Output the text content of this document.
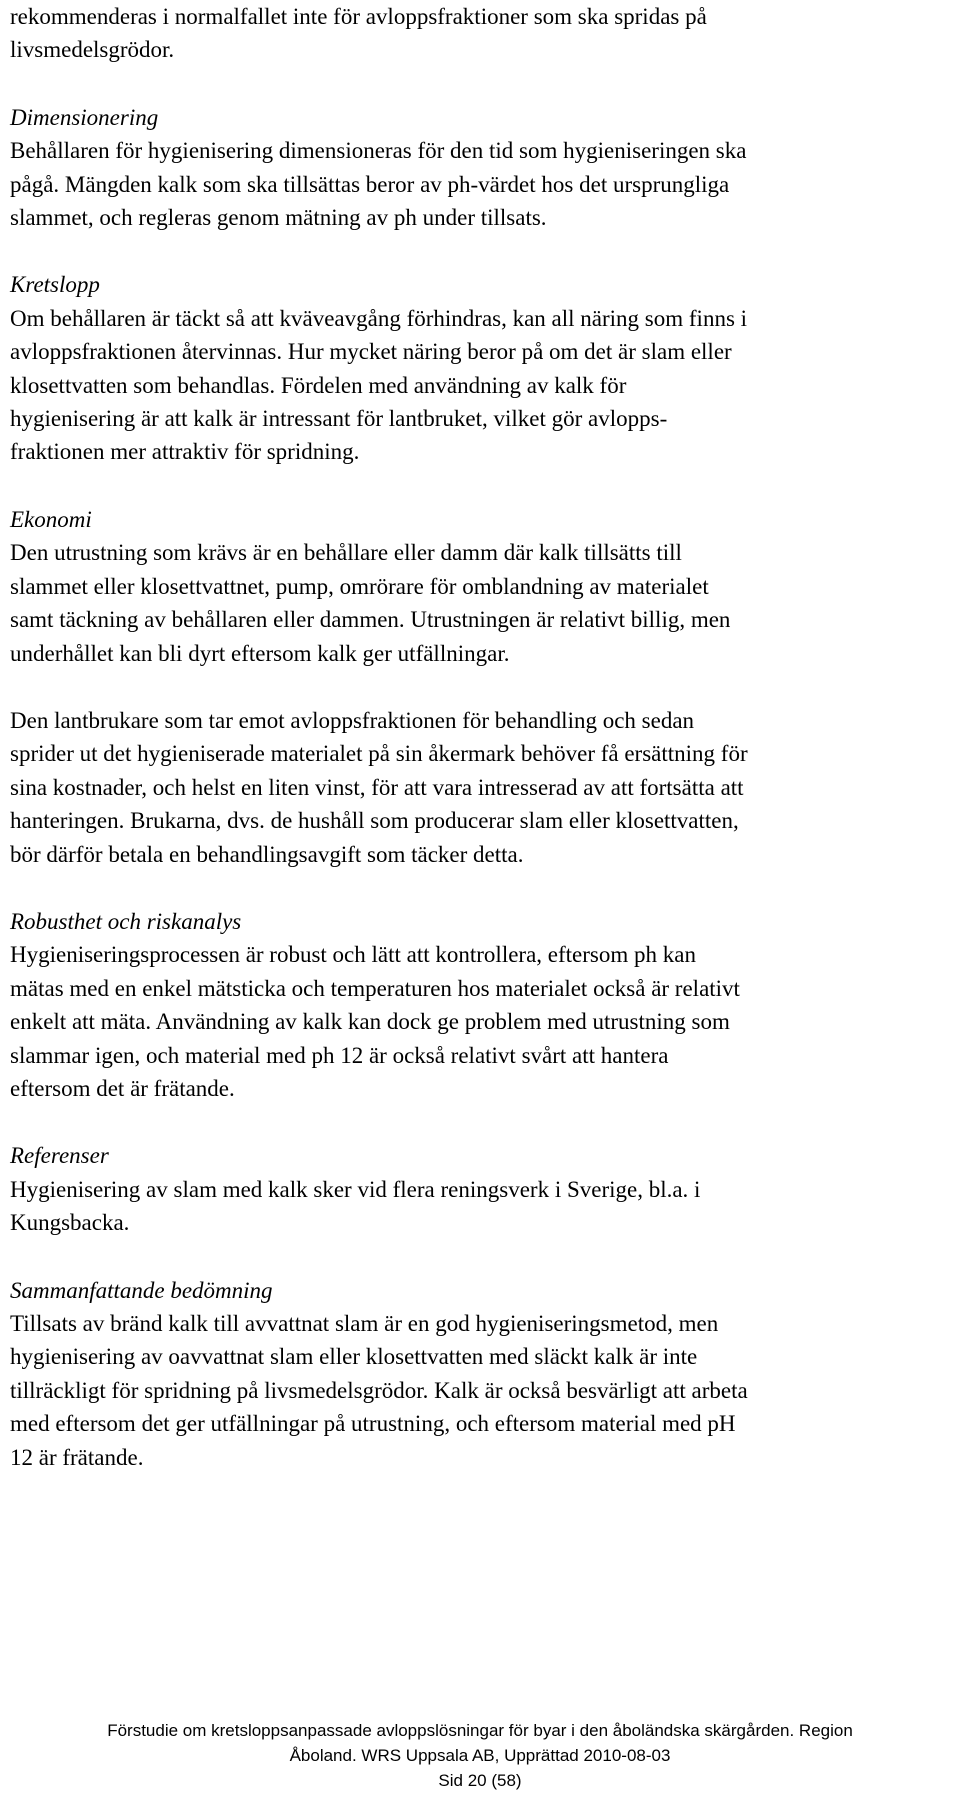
rekommenderas i normalfallet inte för avloppsfraktioner som ska spridas på
livsmedelsgrödor.
Dimensionering
Behållaren för hygienisering dimensioneras för den tid som hygieniseringen ska
pågå. Mängden kalk som ska tillsättas beror av ph-värdet hos det ursprungliga
slammet, och regleras genom mätning av ph under tillsats.
Kretslopp
Om behållaren är täckt så att kväveavgång förhindras, kan all näring som finns i
avloppsfraktionen återvinnas. Hur mycket näring beror på om det är slam eller
klosettvatten som behandlas. Fördelen med användning av kalk för
hygienisering är att kalk är intressant för lantbruket, vilket gör avlopps-
fraktionen mer attraktiv för spridning.
Ekonomi
Den utrustning som krävs är en behållare eller damm där kalk tillsätts till
slammet eller klosettvattnet, pump, omrörare för omblandning av materialet
samt täckning av behållaren eller dammen. Utrustningen är relativt billig, men
underhållet kan bli dyrt eftersom kalk ger utfällningar.
Den lantbrukare som tar emot avloppsfraktionen för behandling och sedan
sprider ut det hygieniserade materialet på sin åkermark behöver få ersättning för
sina kostnader, och helst en liten vinst, för att vara intresserad av att fortsätta att
hanteringen. Brukarna, dvs. de hushåll som producerar slam eller klosettvatten,
bör därför betala en behandlingsavgift som täcker detta.
Robusthet och riskanalys
Hygieniseringsprocessen är robust och lätt att kontrollera, eftersom ph kan
mätas med en enkel mätsticka och temperaturen hos materialet också är relativt
enkelt att mäta. Användning av kalk kan dock ge problem med utrustning som
slammar igen, och material med ph 12 är också relativt svårt att hantera
eftersom det är frätande.
Referenser
Hygienisering av slam med kalk sker vid flera reningsverk i Sverige, bl.a. i
Kungsbacka.
Sammanfattande bedömning
Tillsats av bränd kalk till avvattnat slam är en god hygieniseringsmetod, men
hygienisering av oavvattnat slam eller klosettvatten med släckt kalk är inte
tillräckligt för spridning på livsmedelsgrödor. Kalk är också besvärligt att arbeta
med eftersom det ger utfällningar på utrustning, och eftersom material med pH
12 är frätande.
Förstudie om kretsloppsanpassade avloppslösningar för byar i den åboländska skärgården. Region
Åboland. WRS Uppsala AB, Upprättad 2010-08-03
Sid 20 (58)
